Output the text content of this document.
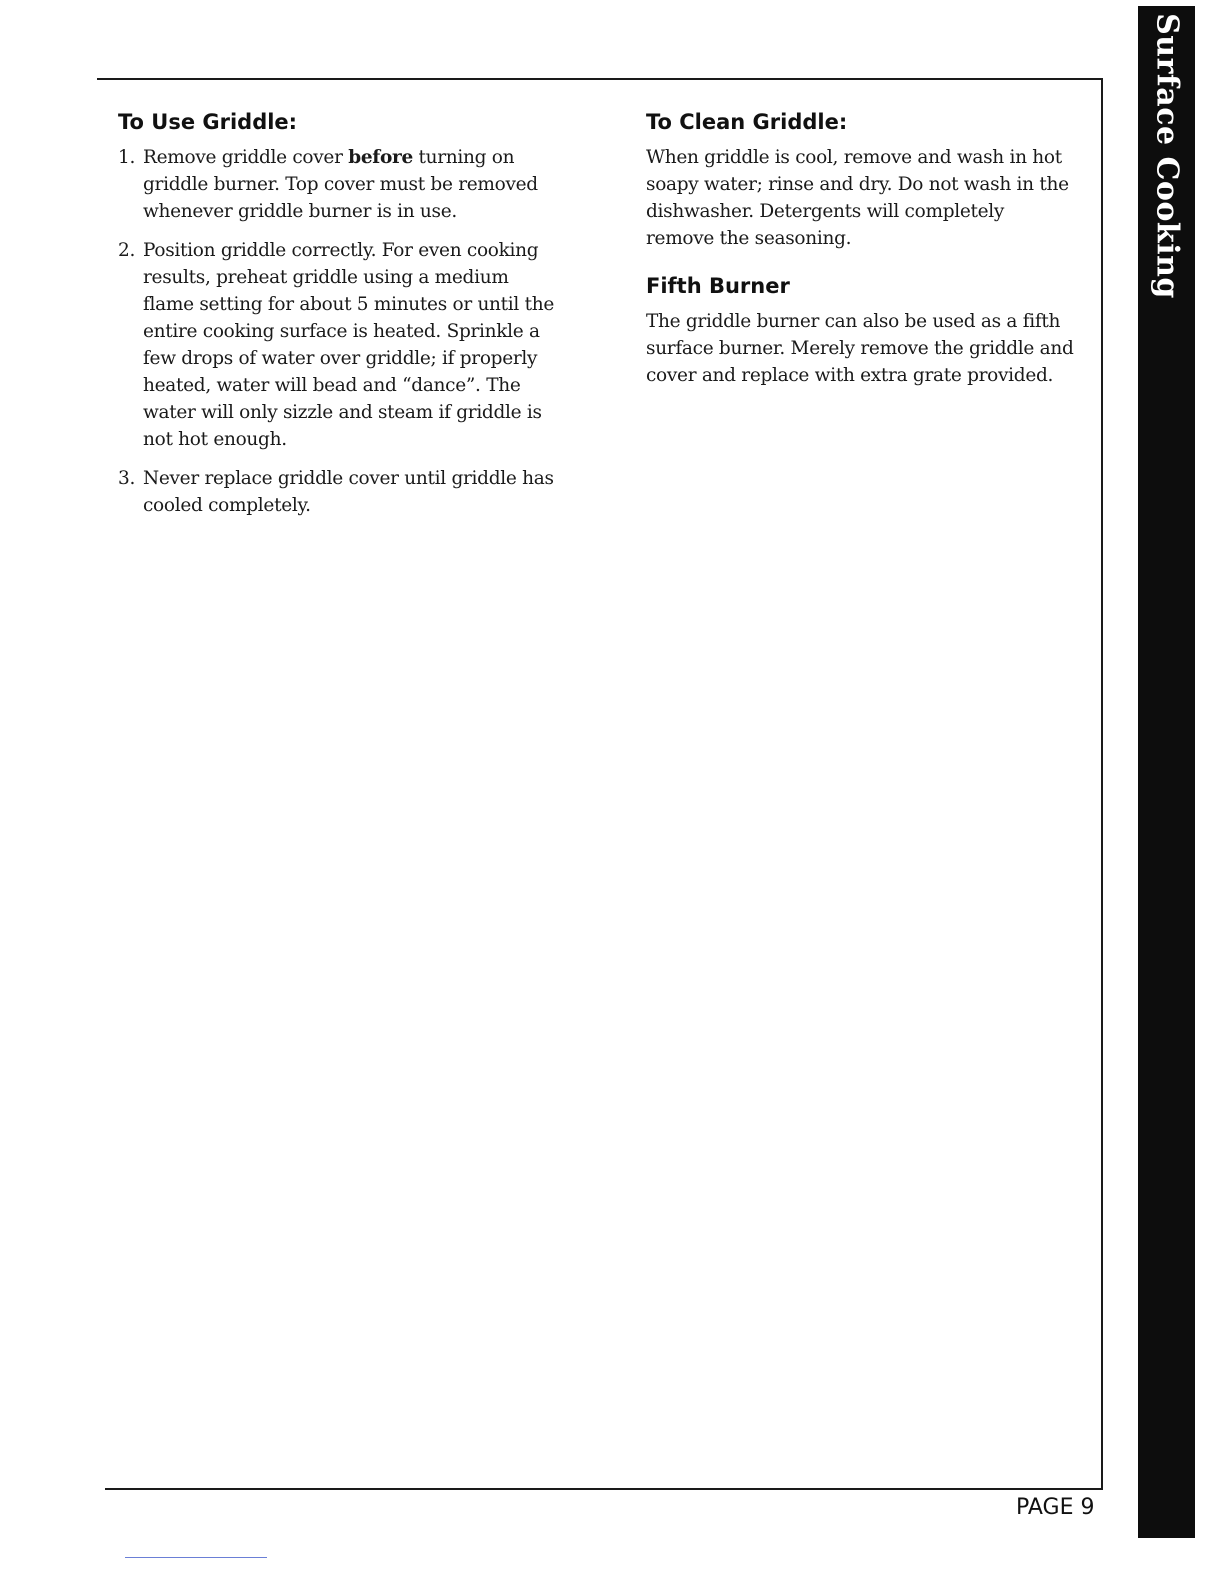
Surface Cooking
To Use Griddle:
1. Remove griddle cover before turning on griddle burner. Top cover must be removed whenever griddle burner is in use.
2. Position griddle correctly. For even cooking results, preheat griddle using a medium flame setting for about 5 minutes or until the entire cooking surface is heated. Sprinkle a few drops of water over griddle; if properly heated, water will bead and “dance”. The water will only sizzle and steam if griddle is not hot enough.
3. Never replace griddle cover until griddle has cooled completely.
To Clean Griddle:

When griddle is cool, remove and wash in hot soapy water; rinse and dry. Do not wash in the dishwasher. Detergents will completely remove the seasoning.

Fifth Burner

The griddle burner can also be used as a fifth surface burner. Merely remove the griddle and cover and replace with extra grate provided.

PAGE 9
